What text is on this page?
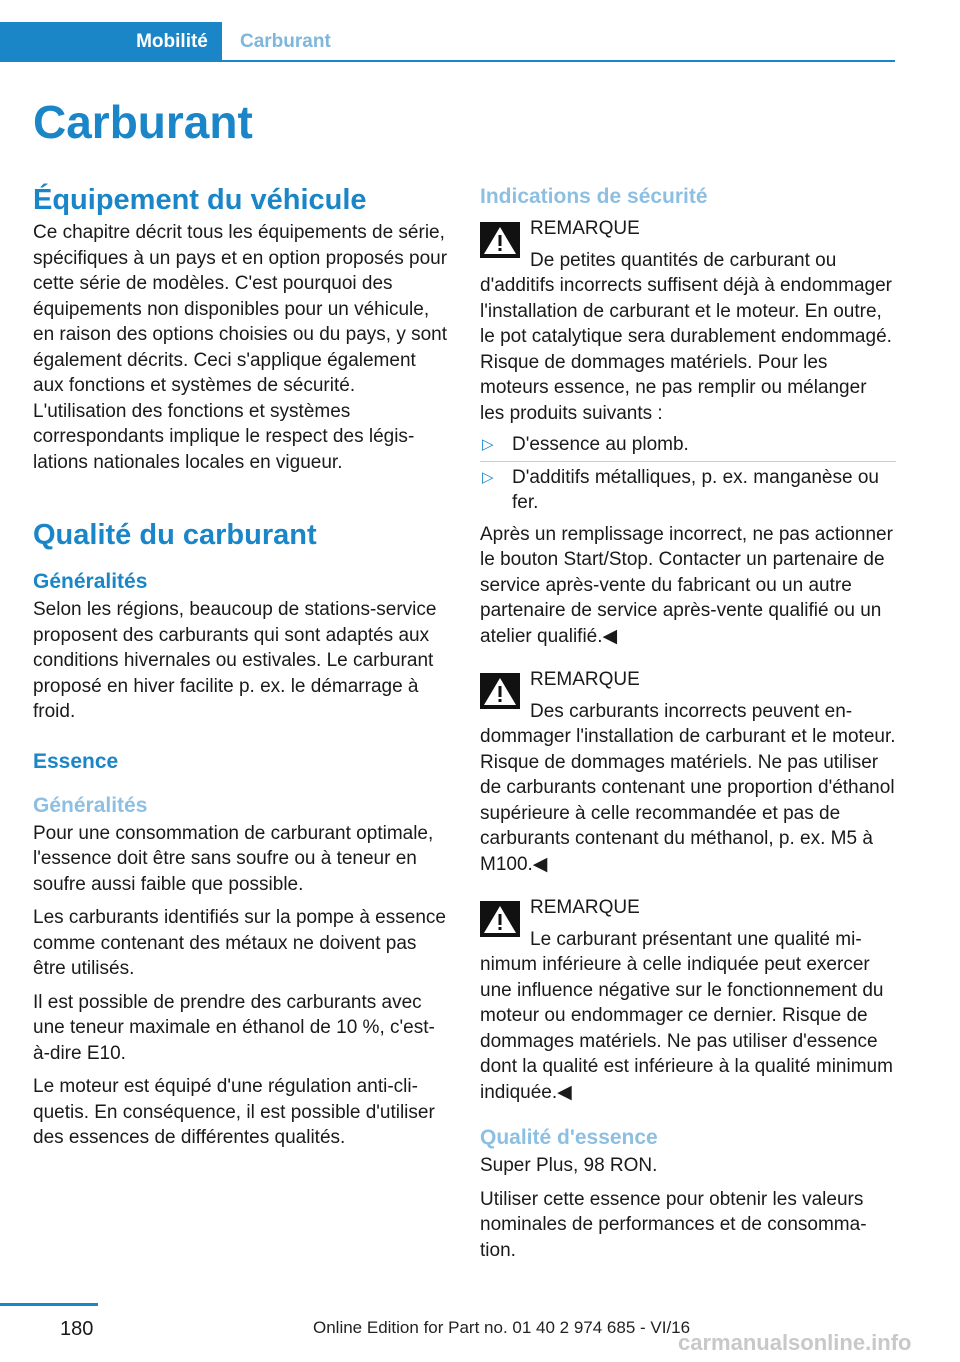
Mobilité	Carburant
Carburant
Équipement du véhicule

Ce chapitre décrit tous les équipements de série, spécifiques à un pays et en option proposés pour cette série de modèles. C'est pourquoi des équipements non disponibles pour un véhicule, en raison des options choisies ou du pays, y sont également décrits. Ceci s'applique également aux fonctions et systèmes de sécurité. L'utilisation des fonctions et systèmes correspondants implique le respect des législations nationales locales en vigueur.

Qualité du carburant
Généralités

Selon les régions, beaucoup de stations-service proposent des carburants qui sont adaptés aux conditions hivernales ou estivales. Le carburant proposé en hiver facilite p. ex. le démarrage à froid.

Essence
Généralités

Pour une consommation de carburant optimale, l'essence doit être sans soufre ou à teneur en soufre aussi faible que possible.

Les carburants identifiés sur la pompe à essence comme contenant des métaux ne doivent pas être utilisés.

Il est possible de prendre des carburants avec une teneur maximale en éthanol de 10 %, c'est-à-dire E10.

Le moteur est équipé d'une régulation anti-cliquetis. En conséquence, il est possible d'utiliser des essences de différentes qualités.

Indications de sécurité

REMARQUE

De petites quantités de carburant ou d'additifs incorrects suffisent déjà à endommager l'installation de carburant et le moteur. En outre, le pot catalytique sera durablement endommagé. Risque de dommages matériels. Pour les moteurs essence, ne pas remplir ou mélanger les produits suivants :

▷ D'essence au plomb.
▷ D'additifs métalliques, p. ex. manganèse ou fer.

Après un remplissage incorrect, ne pas actionner le bouton Start/Stop. Contacter un partenaire de service après-vente du fabricant ou un autre partenaire de service après-vente qualifié ou un atelier qualifié.◀

REMARQUE

Des carburants incorrects peuvent endommager l'installation de carburant et le moteur. Risque de dommages matériels. Ne pas utiliser de carburants contenant une proportion d'éthanol supérieure à celle recommandée et pas de carburants contenant du méthanol, p. ex. M5 à M100.◀

REMARQUE

Le carburant présentant une qualité minimum inférieure à celle indiquée peut exercer une influence négative sur le fonctionnement du moteur ou endommager ce dernier. Risque de dommages matériels. Ne pas utiliser d'essence dont la qualité est inférieure à la qualité minimum indiquée.◀

Qualité d'essence

Super Plus, 98 RON.

Utiliser cette essence pour obtenir les valeurs nominales de performances et de consommation.

180	Online Edition for Part no. 01 40 2 974 685 - VI/16
carmanualsonline.info
